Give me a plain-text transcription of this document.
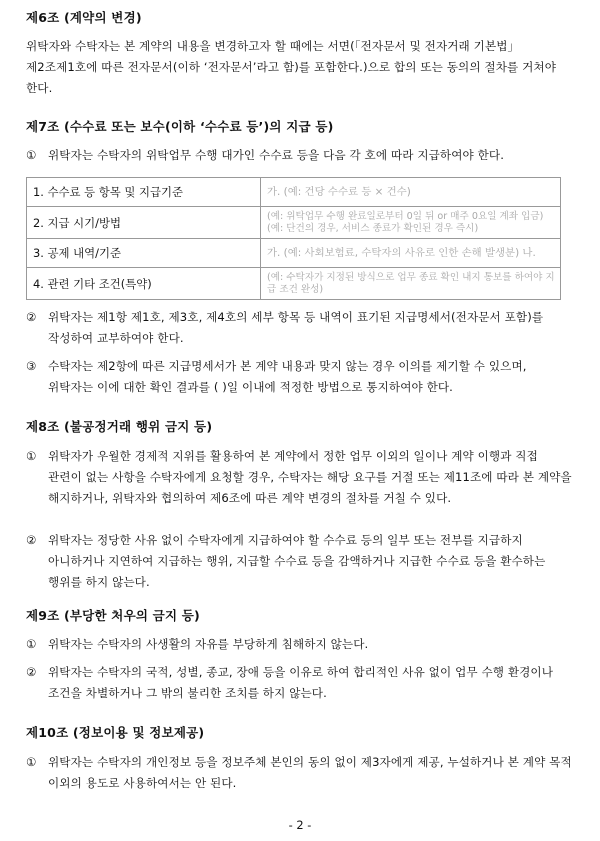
제6조 (계약의 변경)
위탁자와 수탁자는 본 계약의 내용을 변경하고자 할 때에는 서면(「전자문서 및 전자거래 기본법」 제2조제1호에 따른 전자문서(이하 ‘전자문서’라고 함)를 포함한다.)으로 합의 또는 동의의 절차를 거쳐야 한다.
제7조 (수수료 또는 보수(이하 ‘수수료 등’)의 지급 등)
① 위탁자는 수탁자의 위탁업무 수행 대가인 수수료 등을 다음 각 호에 따라 지급하여야 한다.
1. 수수료 등 항목 및 지급기준	가. (예: 건당 수수료 등 × 건수)
2. 지급 시기/방법	(예: 위탁업무 수행 완료일로부터 0일 뒤 or 매주 0요일 계좌 입금) (예: 단건의 경우, 서비스 종료가 확인된 경우 즉시)
3. 공제 내역/기준	가. (예: 사회보험료, 수탁자의 사유로 인한 손해 발생분) 나.
4. 관련 기타 조건(특약)	(예: 수탁자가 지정된 방식으로 업무 종료 확인 내지 통보를 하여야 지급 조건 완성)
② 위탁자는 제1항 제1호, 제3호, 제4호의 세부 항목 등 내역이 표기된 지급명세서(전자문서 포함)를 작성하여 교부하여야 한다.
③ 수탁자는 제2항에 따른 지급명세서가 본 계약 내용과 맞지 않는 경우 이의를 제기할 수 있으며, 위탁자는 이에 대한 확인 결과를 ( )일 이내에 적정한 방법으로 통지하여야 한다.
제8조 (불공정거래 행위 금지 등)
① 위탁자가 우월한 경제적 지위를 활용하여 본 계약에서 정한 업무 이외의 일이나 계약 이행과 직접 관련이 없는 사항을 수탁자에게 요청할 경우, 수탁자는 해당 요구를 거절 또는 제11조에 따라 본 계약을 해지하거나, 위탁자와 협의하여 제6조에 따른 계약 변경의 절차를 거칠 수 있다.
② 위탁자는 정당한 사유 없이 수탁자에게 지급하여야 할 수수료 등의 일부 또는 전부를 지급하지 아니하거나 지연하여 지급하는 행위, 지급할 수수료 등을 감액하거나 지급한 수수료 등을 환수하는 행위를 하지 않는다.
제9조 (부당한 처우의 금지 등)
① 위탁자는 수탁자의 사생활의 자유를 부당하게 침해하지 않는다.
② 위탁자는 수탁자의 국적, 성별, 종교, 장애 등을 이유로 하여 합리적인 사유 없이 업무 수행 환경이나 조건을 차별하거나 그 밖의 불리한 조치를 하지 않는다.
제10조 (정보이용 및 정보제공)
① 위탁자는 수탁자의 개인정보 등을 정보주체 본인의 동의 없이 제3자에게 제공, 누설하거나 본 계약 목적 이외의 용도로 사용하여서는 안 된다.
- 2 -
